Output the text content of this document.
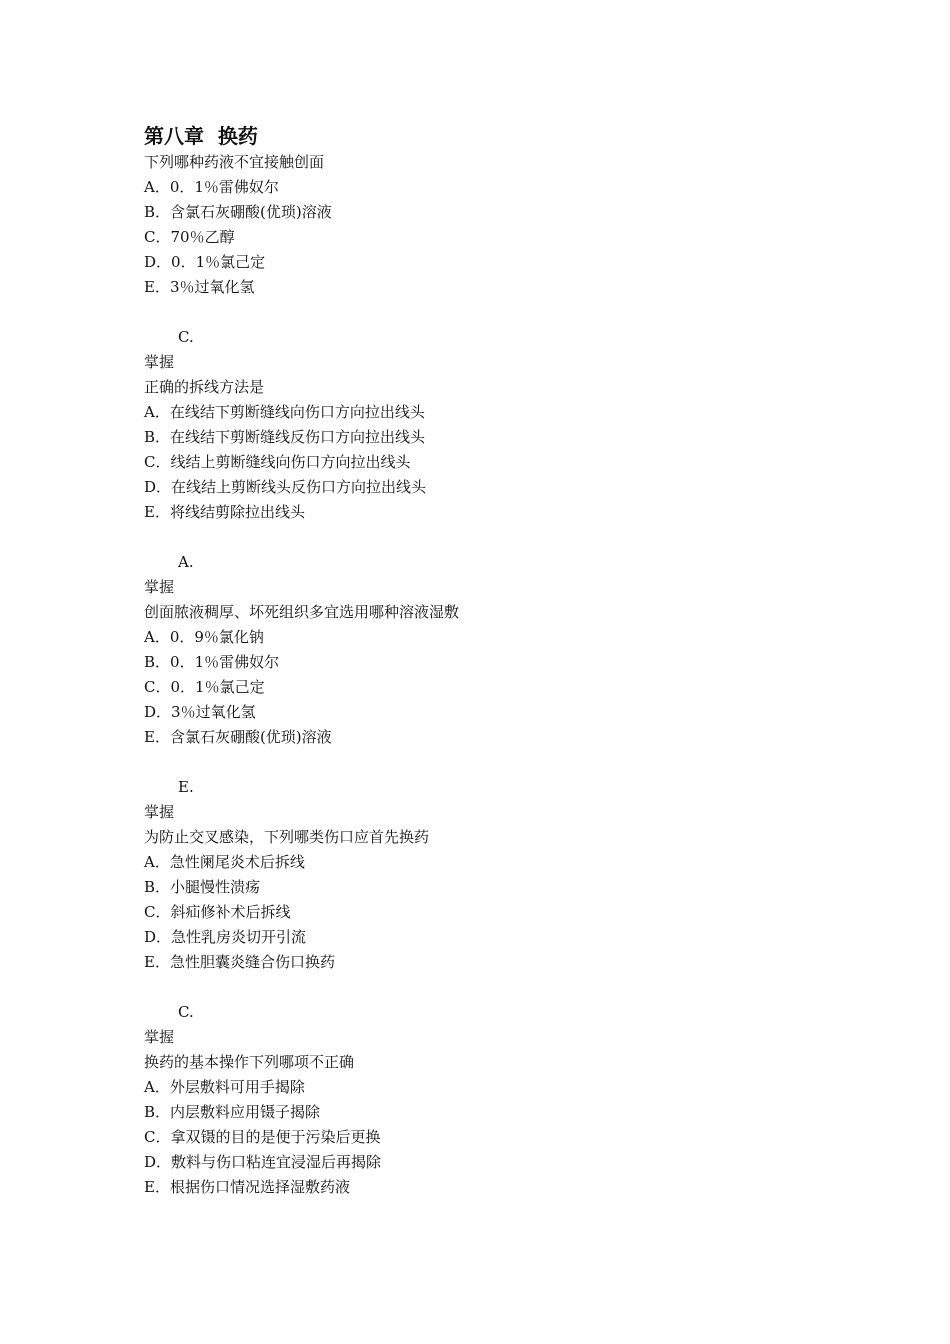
第八章  换药
下列哪种药液不宜接触创面
A．0．1％雷佛奴尔
B．含氯石灰硼酸(优琐)溶液
C．70％乙醇
D．0．1％氯己定
E．3％过氧化氢
C.
掌握
正确的拆线方法是
A．在线结下剪断缝线向伤口方向拉出线头
B．在线结下剪断缝线反伤口方向拉出线头
C．线结上剪断缝线向伤口方向拉出线头
D．在线结上剪断线头反伤口方向拉出线头
E．将线结剪除拉出线头
A.
掌握
创面脓液稠厚、坏死组织多宜选用哪种溶液湿敷
A．0．9％氯化钠
B．0．1％雷佛奴尔
C．0．1％氯己定
D．3％过氧化氢
E．含氯石灰硼酸(优琐)溶液
E.
掌握
为防止交叉感染，下列哪类伤口应首先换药
A．急性阑尾炎术后拆线
B．小腿慢性溃疡
C．斜疝修补术后拆线
D．急性乳房炎切开引流
E．急性胆囊炎缝合伤口换药
C.
掌握
换药的基本操作下列哪项不正确
A．外层敷料可用手揭除
B．内层敷料应用镊子揭除
C．拿双镊的目的是便于污染后更换
D．敷料与伤口粘连宜浸湿后再揭除
E．根据伤口情况选择湿敷药液
